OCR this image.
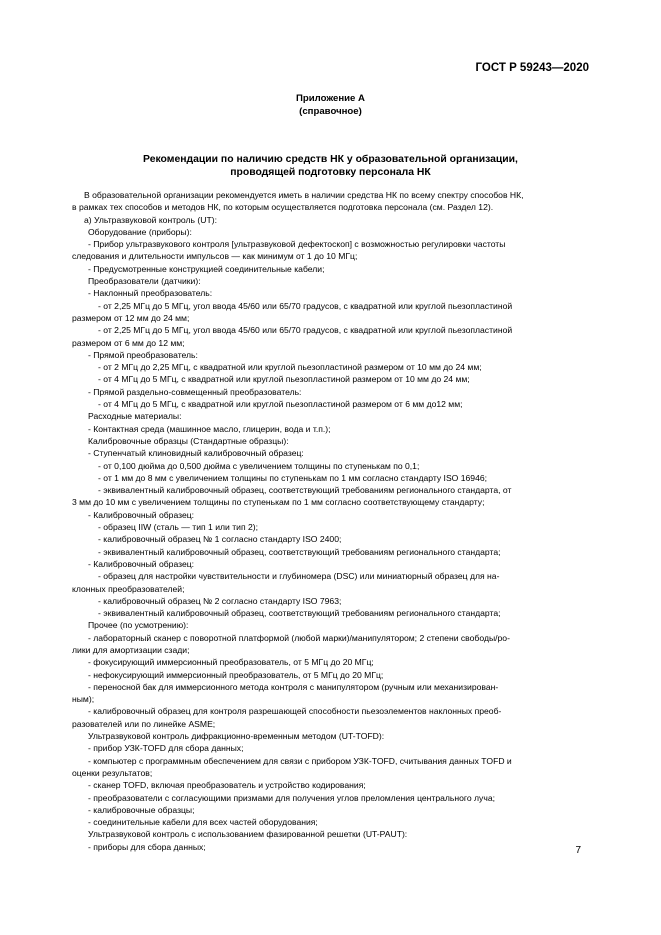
ГОСТ Р 59243—2020
Приложение А
(справочное)
Рекомендации по наличию средств НК у образовательной организации,
проводящей подготовку персонала НК
В образовательной организации рекомендуется иметь в наличии средства НК по всему спектру способов НК,
в рамках тех способов и методов НК, по которым осуществляется подготовка персонала (см. Раздел 12).
а) Ультразвуковой контроль (UT):
Оборудование (приборы):
- Прибор ультразвукового контроля [ультразвуковой дефектоскоп] с возможностью регулировки частоты
следования и длительности импульсов — как минимум от 1 до 10 МГц;
- Предусмотренные конструкцией соединительные кабели;
Преобразователи (датчики):
- Наклонный преобразователь:
- от 2,25 МГц до 5 МГц, угол ввода 45/60 или 65/70 градусов, с квадратной или круглой пьезопластиной
размером от 12 мм до 24 мм;
- от 2,25 МГц до 5 МГц, угол ввода 45/60 или 65/70 градусов, с квадратной или круглой пьезопластиной
размером от 6 мм до 12 мм;
- Прямой преобразователь:
- от 2 МГц до 2,25 МГц, с квадратной или круглой пьезопластиной размером от 10 мм до 24 мм;
- от 4 МГц до 5 МГц, с квадратной или круглой пьезопластиной размером от 10 мм до 24 мм;
- Прямой раздельно-совмещенный преобразователь:
- от 4 МГц до 5 МГц, с квадратной или круглой пьезопластиной размером от 6 мм до12 мм;
Расходные материалы:
- Контактная среда (машинное масло, глицерин, вода и т.п.);
Калибровочные образцы (Стандартные образцы):
- Ступенчатый клиновидный калибровочный образец:
- от 0,100 дюйма до 0,500 дюйма с увеличением толщины по ступенькам по 0,1;
- от 1 мм до 8 мм с увеличением толщины по ступенькам по 1 мм согласно стандарту ISO 16946;
- эквивалентный калибровочный образец, соответствующий требованиям регионального стандарта, от
3 мм до 10 мм с увеличением толщины по ступенькам по 1 мм согласно соответствующему стандарту;
- Калибровочный образец:
- образец IIW (сталь — тип 1 или тип 2);
- калибровочный образец № 1 согласно стандарту ISO 2400;
- эквивалентный калибровочный образец, соответствующий требованиям регионального стандарта;
- Калибровочный образец:
- образец для настройки чувствительности и глубиномера (DSC) или миниатюрный образец для на-
клонных преобразователей;
- калибровочный образец № 2 согласно стандарту ISO 7963;
- эквивалентный калибровочный образец, соответствующий требованиям регионального стандарта;
Прочее (по усмотрению):
- лабораторный сканер с поворотной платформой (любой марки)/манипулятором; 2 степени свободы/ро-
лики для амортизации сзади;
- фокусирующий иммерсионный преобразователь, от 5 МГц до 20 МГц;
- нефокусирующий иммерсионный преобразователь, от 5 МГц до 20 МГц;
- переносной бак для иммерсионного метода контроля с манипулятором (ручным или механизирован-
ным);
- калибровочный образец для контроля разрешающей способности пьезоэлементов наклонных преоб-
разователей или по линейке ASME;
Ультразвуковой контроль дифракционно-временным методом (UT-TOFD):
- прибор УЗК-TOFD для сбора данных;
- компьютер с программным обеспечением для связи с прибором УЗК-TOFD, считывания данных TOFD и
оценки результатов;
- сканер TOFD, включая преобразователь и устройство кодирования;
- преобразователи с согласующими призмами для получения углов преломления центрального луча;
- калибровочные образцы;
- соединительные кабели для всех частей оборудования;
Ультразвуковой контроль с использованием фазированной решетки (UT-PAUT):
- приборы для сбора данных;	7
